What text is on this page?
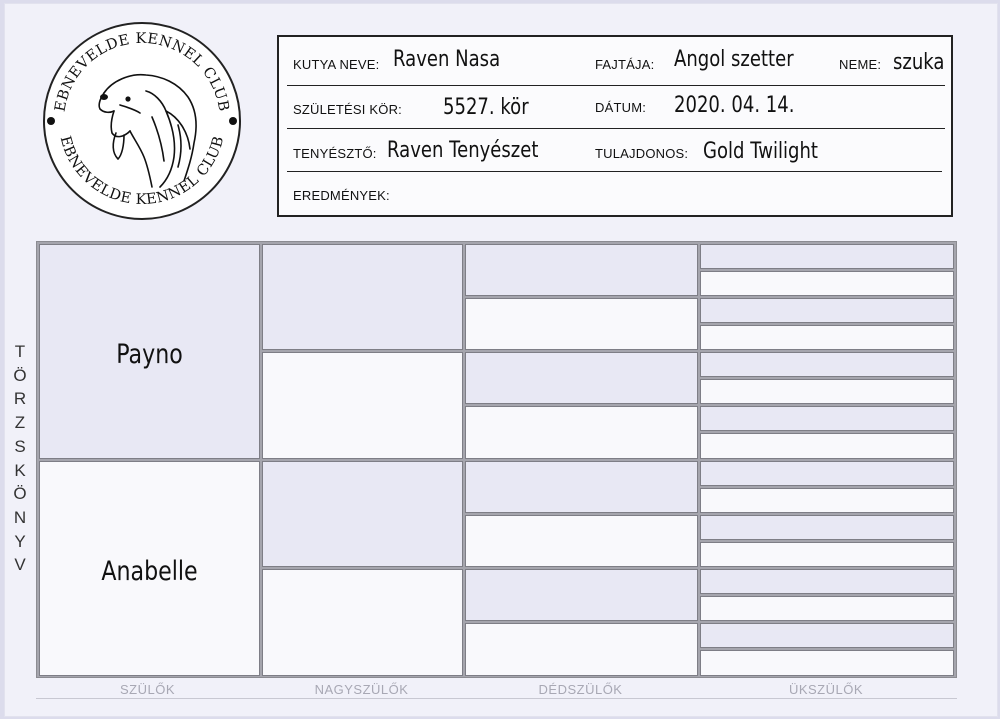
EBNEVELDE KENNEL CLUB
EBNEVELDE KENNEL CLUB
KUTYA NEVE: Raven Nasa	FAJTÁJA: Angol szetter	NEME: szuka
SZÜLETÉSI KÖR: 5527. kör	DÁTUM: 2020. 04. 14.
TENYÉSZTŐ: Raven Tenyészet	TULAJDONOS: Gold Twilight
EREDMÉNYEK:
T
Ö
R
Z
S
K
Ö
N
Y
V
Payno
Anabelle
SZÜLŐK	NAGYSZÜLŐK	DÉDSZÜLŐK	ÜKSZÜLŐK
